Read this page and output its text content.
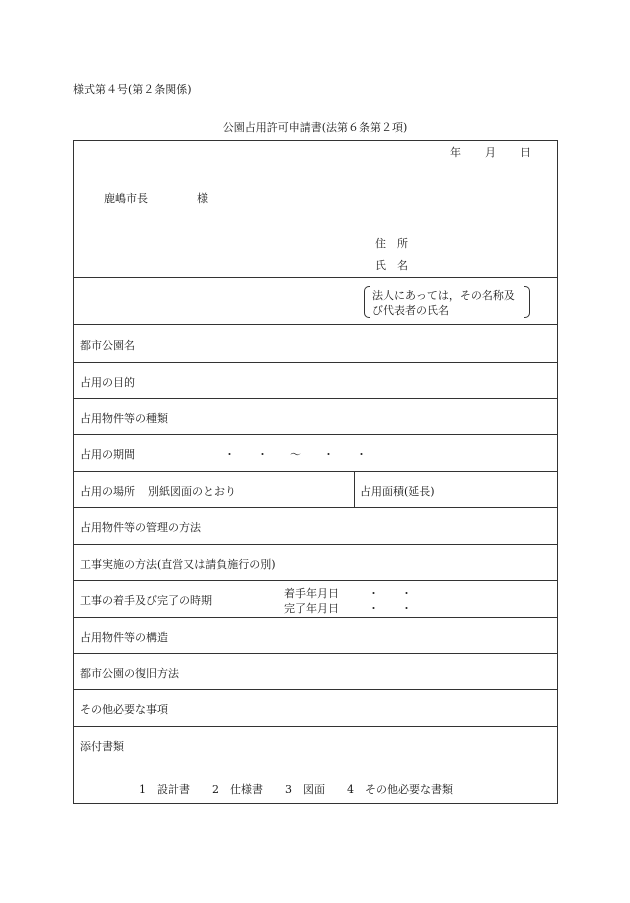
様式第４号(第２条関係)
公園占用許可申請書(法第６条第２項)
年 月 日
鹿嶋市長	様
住　所
氏　名
法人にあっては，その名称及
び代表者の氏名
都市公園名
占用の目的
占用物件等の種類
占用の期間	・　　・　　～　　・　　・
占用の場所 別紙図面のとおり	占用面積(延長)
占用物件等の管理の方法
工事実施の方法(直営又は請負施行の別)
工事の着手及び完了の時期
着手年月日	・　　・
完了年月日	・　　・
占用物件等の構造
都市公園の復旧方法
その他必要な事項
添付書類
1　設計書　　2　仕様書　　3　図面　　4　その他必要な書類
